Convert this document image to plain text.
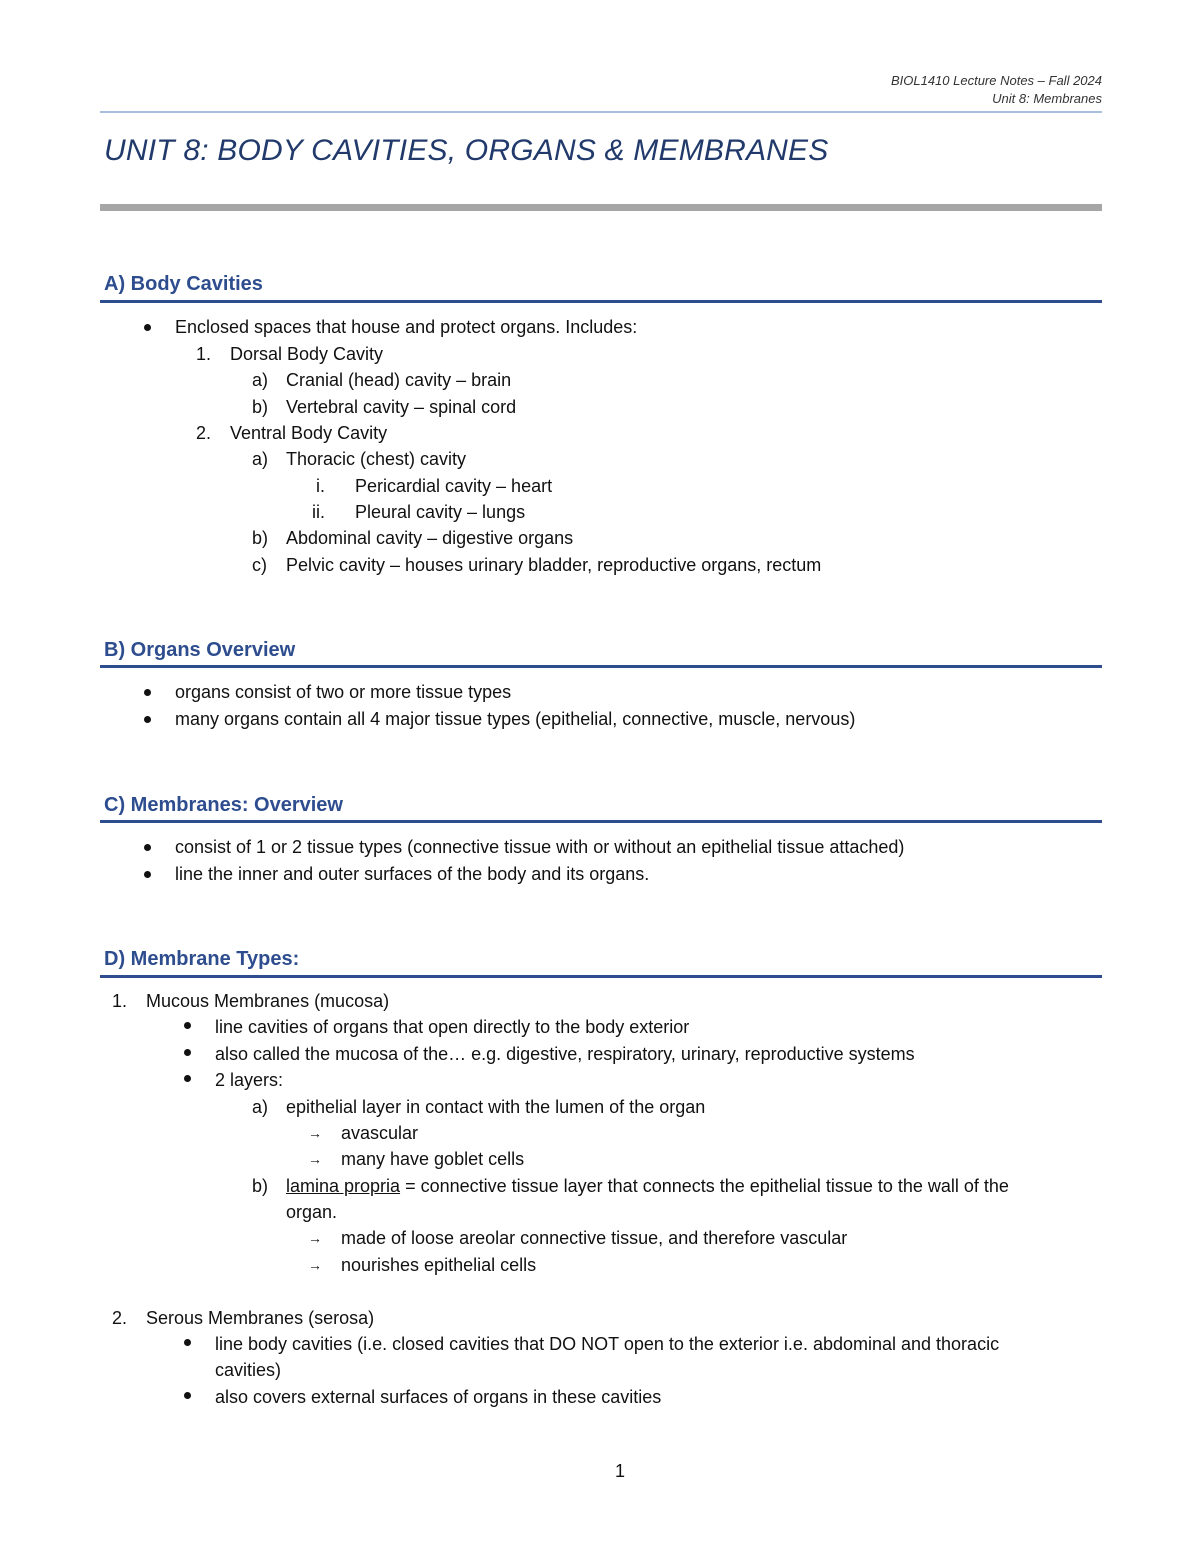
BIOL1410 Lecture Notes – Fall 2024
Unit 8: Membranes
UNIT 8: BODY CAVITIES, ORGANS & MEMBRANES
A) Body Cavities
Enclosed spaces that house and protect organs. Includes:
1. Dorsal Body Cavity
a) Cranial (head) cavity – brain
b) Vertebral cavity – spinal cord
2. Ventral Body Cavity
a) Thoracic (chest) cavity
i. Pericardial cavity – heart
ii. Pleural cavity – lungs
b) Abdominal cavity – digestive organs
c) Pelvic cavity – houses urinary bladder, reproductive organs, rectum
B) Organs Overview
organs consist of two or more tissue types
many organs contain all 4 major tissue types (epithelial, connective, muscle, nervous)
C) Membranes: Overview
consist of 1 or 2 tissue types (connective tissue with or without an epithelial tissue attached)
line the inner and outer surfaces of the body and its organs.
D) Membrane Types:
1. Mucous Membranes (mucosa)
line cavities of organs that open directly to the body exterior
also called the mucosa of the… e.g. digestive, respiratory, urinary, reproductive systems
2 layers:
a) epithelial layer in contact with the lumen of the organ
→ avascular
→ many have goblet cells
b) lamina propria = connective tissue layer that connects the epithelial tissue to the wall of the
organ.
→ made of loose areolar connective tissue, and therefore vascular
→ nourishes epithelial cells
2. Serous Membranes (serosa)
line body cavities (i.e. closed cavities that DO NOT open to the exterior i.e. abdominal and thoracic
cavities)
also covers external surfaces of organs in these cavities
1
